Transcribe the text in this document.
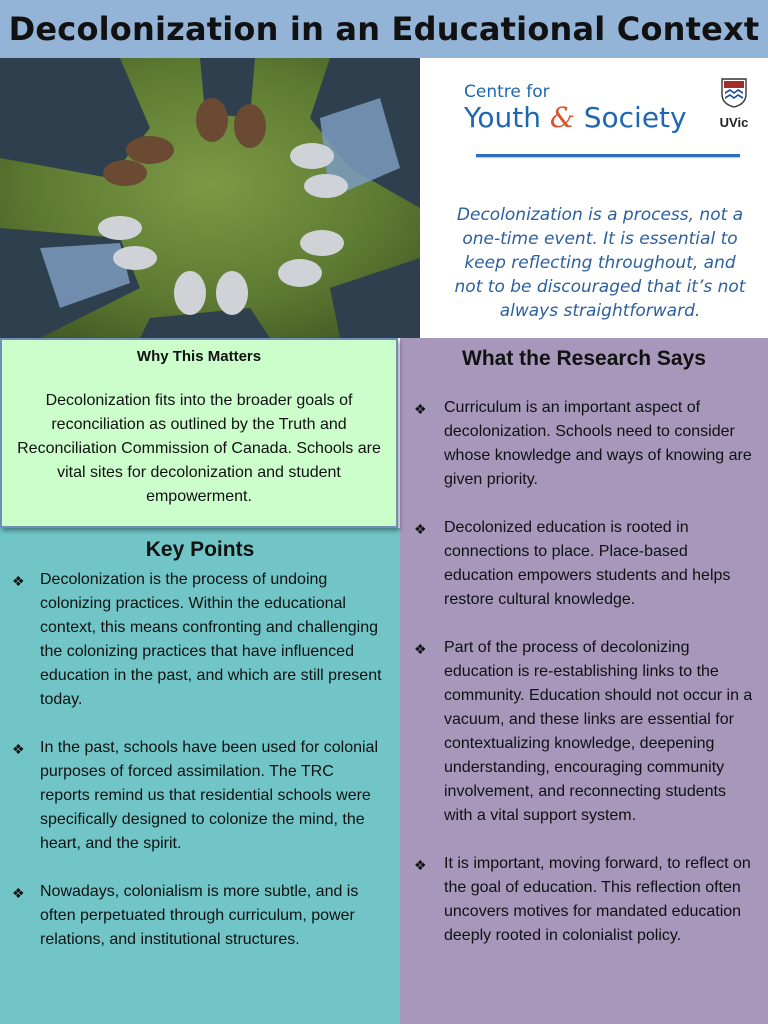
Decolonization in an Educational Context
Centre for
Youth & Society	UVic

Decolonization is a process, not a one-time event. It is essential to keep reflecting throughout, and not to be discouraged that it’s not always straightforward.

Why This Matters

Decolonization fits into the broader goals of reconciliation as outlined by the Truth and Reconciliation Commission of Canada. Schools are vital sites for decolonization and student empowerment.

Key Points
❖ Decolonization is the process of undoing colonizing practices. Within the educational context, this means confronting and challenging the colonizing practices that have influenced education in the past, and which are still present today.
❖ In the past, schools have been used for colonial purposes of forced assimilation. The TRC reports remind us that residential schools were specifically designed to colonize the mind, the heart, and the spirit.
❖ Nowadays, colonialism is more subtle, and is often perpetuated through curriculum, power relations, and institutional structures.
What the Research Says
❖ Curriculum is an important aspect of decolonization. Schools need to consider whose knowledge and ways of knowing are given priority.
❖ Decolonized education is rooted in connections to place. Place-based education empowers students and helps restore cultural knowledge.
❖ Part of the process of decolonizing education is re-establishing links to the community. Education should not occur in a vacuum, and these links are essential for contextualizing knowledge, deepening understanding, encouraging community involvement, and reconnecting students with a vital support system.
❖ It is important, moving forward, to reflect on the goal of education. This reflection often uncovers motives for mandated education deeply rooted in colonialist policy.
